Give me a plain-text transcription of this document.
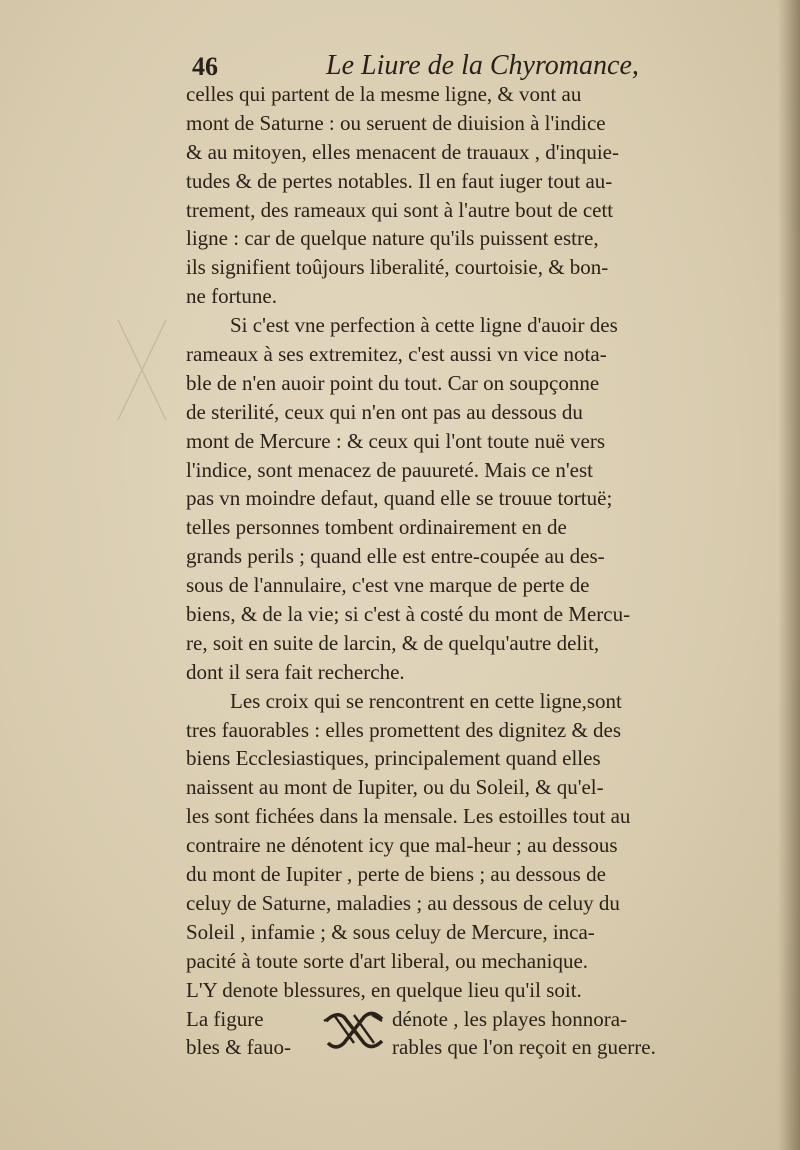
46	Le Liure de la Chyromance,
celles qui partent de la mesme ligne, & vont au
mont de Saturne : ou seruent de diuision à l'indice
& au mitoyen, elles menacent de trauaux , d'inquie-
tudes & de pertes notables. Il en faut iuger tout au-
trement, des rameaux qui sont à l'autre bout de cett
ligne : car de quelque nature qu'ils puissent estre,
ils signifient toûjours liberalité, courtoisie, & bon-
ne fortune.
Si c'est vne perfection à cette ligne d'auoir des
rameaux à ses extremitez, c'est aussi vn vice nota-
ble de n'en auoir point du tout. Car on soupçonne
de sterilité, ceux qui n'en ont pas au dessous du
mont de Mercure : & ceux qui l'ont toute nuë vers
l'indice, sont menacez de pauureté. Mais ce n'est
pas vn moindre defaut, quand elle se trouue tortuë;
telles personnes tombent ordinairement en de
grands perils ; quand elle est entre-coupée au des-
sous de l'annulaire, c'est vne marque de perte de
biens, & de la vie; si c'est à costé du mont de Mercu-
re, soit en suite de larcin, & de quelqu'autre delit,
dont il sera fait recherche.
Les croix qui se rencontrent en cette ligne,sont
tres fauorables : elles promettent des dignitez & des
biens Ecclesiastiques, principalement quand elles
naissent au mont de Iupiter, ou du Soleil, & qu'el-
les sont fichées dans la mensale. Les estoilles tout au
contraire ne dénotent icy que mal-heur ; au dessous
du mont de Iupiter , perte de biens ; au dessous de
celuy de Saturne, maladies ; au dessous de celuy du
Soleil , infamie ; & sous celuy de Mercure, inca-
pacité à toute sorte d'art liberal, ou mechanique.
L'Y denote blessures, en quelque lieu qu'il soit.
La figure
bles & fauo-
dénote , les playes honnora-
rables que l'on reçoit en guerre.
